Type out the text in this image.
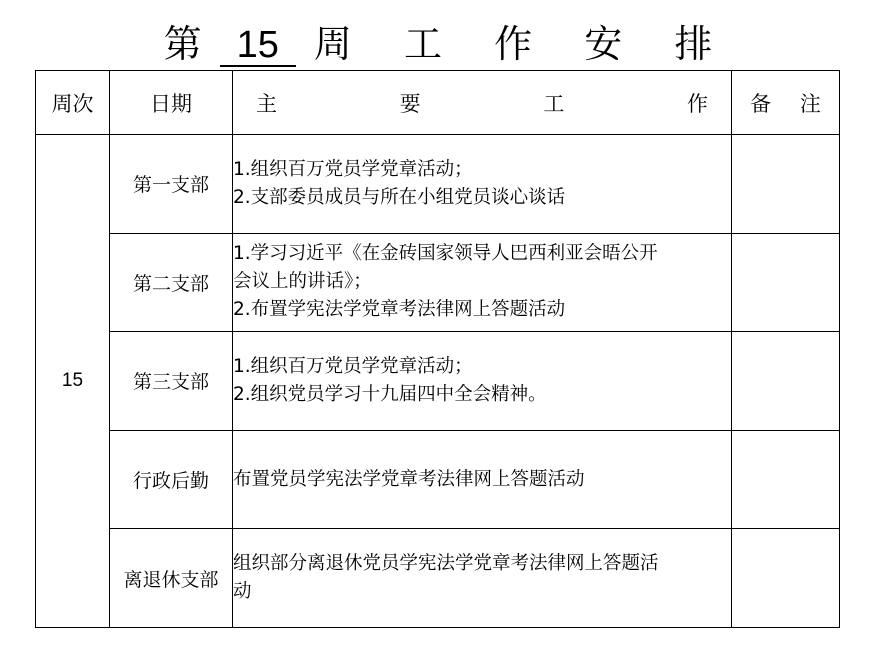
第 15 周 工 作 安 排
周次	日期	主 要 工 作	备 注
15	第一支部	1.组织百万党员学党章活动；
2.支部委员成员与所在小组党员谈心谈话	

	第二支部	1.学习习近平《在金砖国家领导人巴西利亚会晤公开
会议上的讲话》；
2.布置学宪法学党章考法律网上答题活动	

	第三支部	1.组织百万党员学党章活动；
2.组织党员学习十九届四中全会精神。	

	行政后勤	布置党员学宪法学党章考法律网上答题活动	

	离退休支部	组织部分离退休党员学宪法学党章考法律网上答题活
动	
